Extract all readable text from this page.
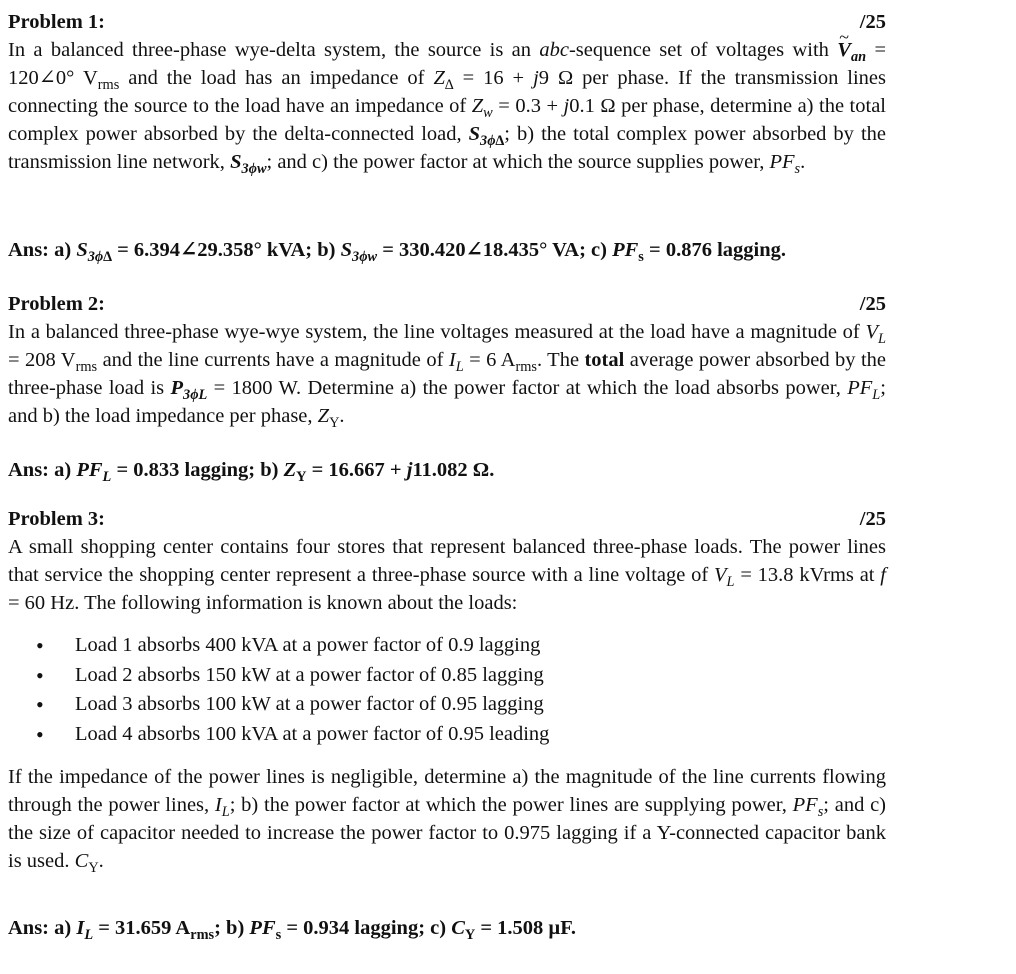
Problem 1:	/25
In a balanced three-phase wye-delta system, the source is an abc-sequence set of voltages with V $\sim_{an}$ = 120∠0° $V_{rms}$ and the load has an impedance of $Z_\Delta = 16 + j9$ Ω per phase. If the transmission lines connecting the source to the load have an impedance of $Z_w = 0.3 + j0.1$ Ω per phase, determine a) the total complex power absorbed by the delta-connected load, $S_{3\phi\Delta}$; b) the total complex power absorbed by the transmission line network, $S_{3\phi w}$; and c) the power factor at which the source supplies power, $PF_s$.
Ans: a) $S_{3\phi\Delta}$ = 6.394∠29.358° kVA; b) $S_{3\phi w}$ = 330.420∠18.435° VA; c) $PF_s = 0.876$ lagging.
Problem 2:	/25
In a balanced three-phase wye-wye system, the line voltages measured at the load have a magnitude of $V_L = 208$ $V_{rms}$ and the line currents have a magnitude of $I_L = 6$ $A_{rms}$. The total average power absorbed by the three-phase load is $P_{3\phi L} = 1800$ W. Determine a) the power factor at which the load absorbs power, $PF_L$; and b) the load impedance per phase, $Z_Y$.
Ans: a) $PF_L = 0.833$ lagging; b) $Z_Y = 16.667 + j11.082$ Ω.
Problem 3:	/25
A small shopping center contains four stores that represent balanced three-phase loads. The power lines that service the shopping center represent a three-phase source with a line voltage of $V_L = 13.8$ kVrms at f = 60 Hz. The following information is known about the loads:
• Load 1 absorbs 400 kVA at a power factor of 0.9 lagging
• Load 2 absorbs 150 kW at a power factor of 0.85 lagging
• Load 3 absorbs 100 kW at a power factor of 0.95 lagging
• Load 4 absorbs 100 kVA at a power factor of 0.95 leading
If the impedance of the power lines is negligible, determine a) the magnitude of the line currents flowing through the power lines, $I_L$; b) the power factor at which the power lines are supplying power, $PF_s$; and c) the size of capacitor needed to increase the power factor to 0.975 lagging if a Y-connected capacitor bank is used. $C_Y$.
Ans: a) $I_L = 31.659$ $A_{rms}$; b) $PF_s = 0.934$ lagging; c) $C_Y = 1.508$ µF.
